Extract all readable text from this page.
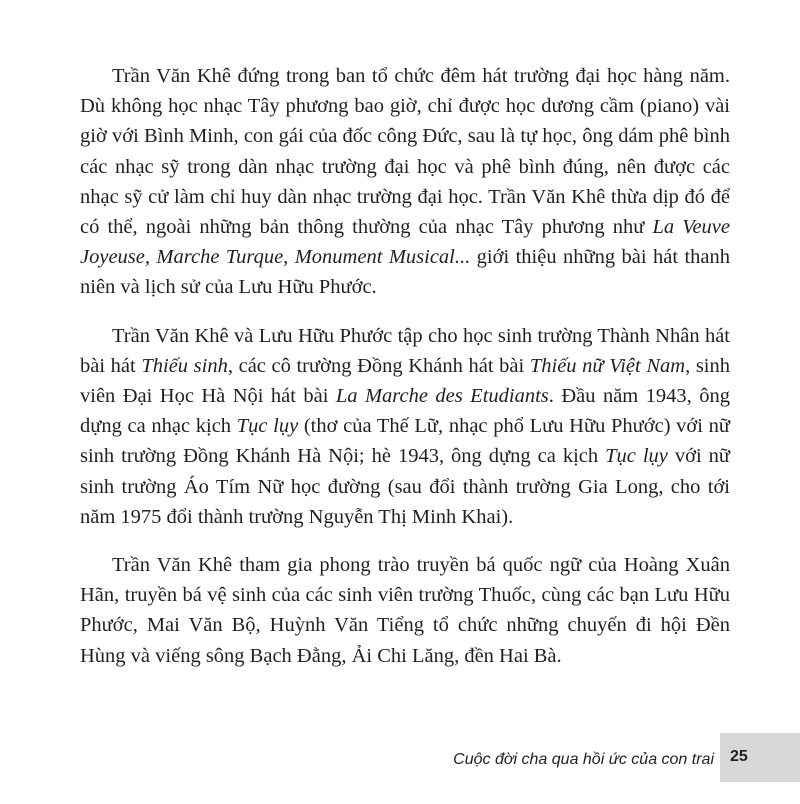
Trần Văn Khê đứng trong ban tổ chức đêm hát trường đại học hàng năm. Dù không học nhạc Tây phương bao giờ, chỉ được học dương cầm (piano) vài giờ với Bình Minh, con gái của đốc công Đức, sau là tự học, ông dám phê bình các nhạc sỹ trong dàn nhạc trường đại học và phê bình đúng, nên được các nhạc sỹ cử làm chỉ huy dàn nhạc trường đại học. Trần Văn Khê thừa dịp đó để có thể, ngoài những bản thông thường của nhạc Tây phương như La Veuve Joyeuse, Marche Turque, Monument Musical... giới thiệu những bài hát thanh niên và lịch sử của Lưu Hữu Phước.

Trần Văn Khê và Lưu Hữu Phước tập cho học sinh trường Thành Nhân hát bài hát Thiếu sinh, các cô trường Đồng Khánh hát bài Thiếu nữ Việt Nam, sinh viên Đại Học Hà Nội hát bài La Marche des Etudiants. Đầu năm 1943, ông dựng ca nhạc kịch Tục lụy (thơ của Thế Lữ, nhạc phổ Lưu Hữu Phước) với nữ sinh trường Đồng Khánh Hà Nội; hè 1943, ông dựng ca kịch Tục lụy với nữ sinh trường Áo Tím Nữ học đường (sau đổi thành trường Gia Long, cho tới năm 1975 đổi thành trường Nguyễn Thị Minh Khai).

Trần Văn Khê tham gia phong trào truyền bá quốc ngữ của Hoàng Xuân Hãn, truyền bá vệ sinh của các sinh viên trường Thuốc, cùng các bạn Lưu Hữu Phước, Mai Văn Bộ, Huỳnh Văn Tiểng tổ chức những chuyến đi hội Đền Hùng và viếng sông Bạch Đằng, Ải Chi Lăng, đền Hai Bà.

Cuộc đời cha qua hồi ức của con trai 25
